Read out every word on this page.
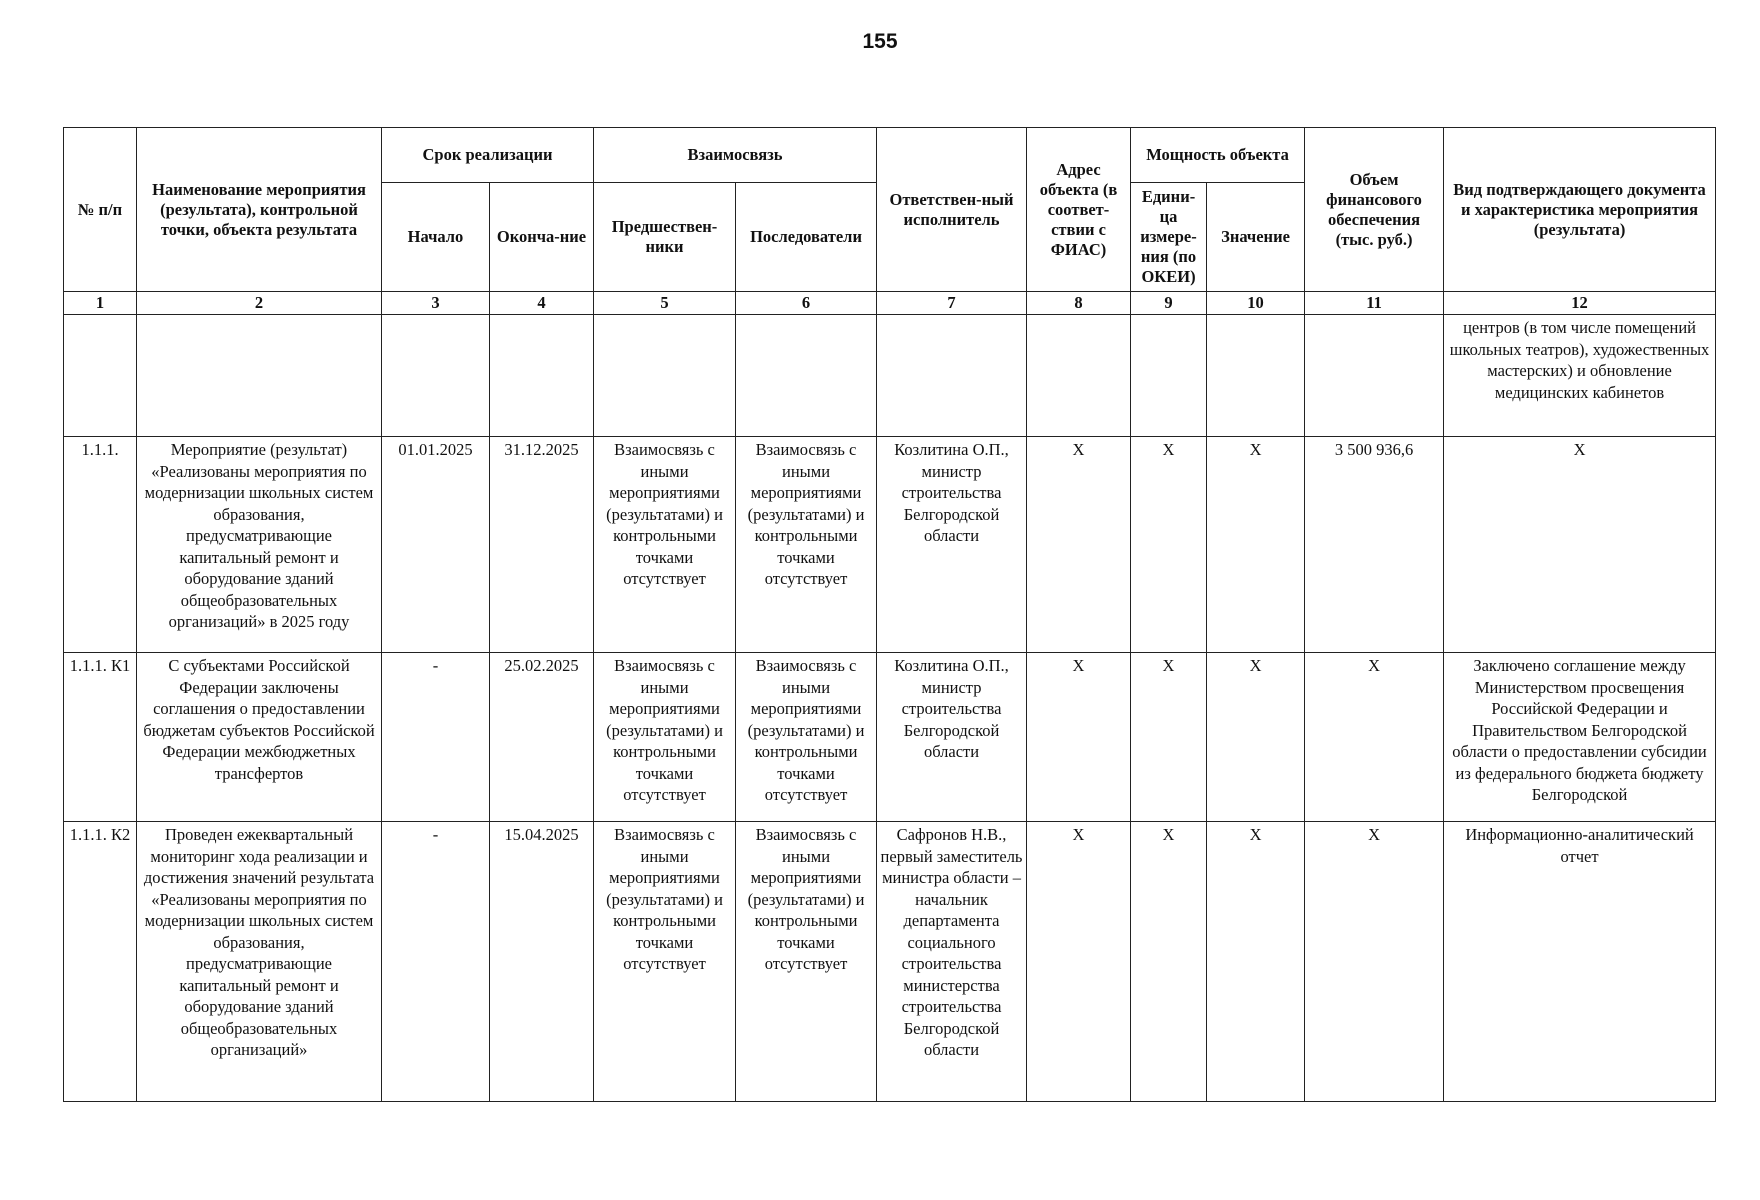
155
№ п/п	Наименование мероприятия (результата), контрольной точки, объекта результата	Срок реализации		Взаимосвязь		Ответствен-ный исполнитель	Адрес объекта (в соответ-ствии с ФИАС)	Мощность объекта		Объем финансового обеспечения (тыс. руб.)	Вид подтверждающего документа и характеристика мероприятия (результата)
		Начало	Оконча-ние	Предшествен-ники	Последователи			Едини-ца измере-ния (по ОКЕИ)	Значение		
1	2	3	4	5	6	7	8	9	10	11	12
											центров (в том числе помещений школьных театров), художественных мастерских) и обновление медицинских кабинетов
1.1.1.	Мероприятие (результат) «Реализованы мероприятия по модернизации школьных систем образования, предусматривающие капитальный ремонт и оборудование зданий общеобразовательных организаций» в 2025 году	01.01.2025	31.12.2025	Взаимосвязь с иными мероприятиями (результатами) и контрольными точками отсутствует	Взаимосвязь с иными мероприятиями (результатами) и контрольными точками отсутствует	Козлитина О.П., министр строительства Белгородской области	Х	Х	Х	3 500 936,6	Х
1.1.1. К1	С субъектами Российской Федерации заключены соглашения о предоставлении бюджетам субъектов Российской Федерации межбюджетных трансфертов	-	25.02.2025	Взаимосвязь с иными мероприятиями (результатами) и контрольными точками отсутствует	Взаимосвязь с иными мероприятиями (результатами) и контрольными точками отсутствует	Козлитина О.П., министр строительства Белгородской области	Х	Х	Х	Х	Заключено соглашение между Министерством просвещения Российской Федерации и Правительством Белгородской области о предоставлении субсидии из федерального бюджета бюджету Белгородской
1.1.1. К2	Проведен ежеквартальный мониторинг хода реализации и достижения значений результата «Реализованы мероприятия по модернизации школьных систем образования, предусматривающие капитальный ремонт и оборудование зданий общеобразовательных организаций»	-	15.04.2025	Взаимосвязь с иными мероприятиями (результатами) и контрольными точками отсутствует	Взаимосвязь с иными мероприятиями (результатами) и контрольными точками отсутствует	Сафронов Н.В., первый заместитель министра области – начальник департамента социального строительства министерства строительства Белгородской области	Х	Х	Х	Х	Информационно-аналитический отчет
